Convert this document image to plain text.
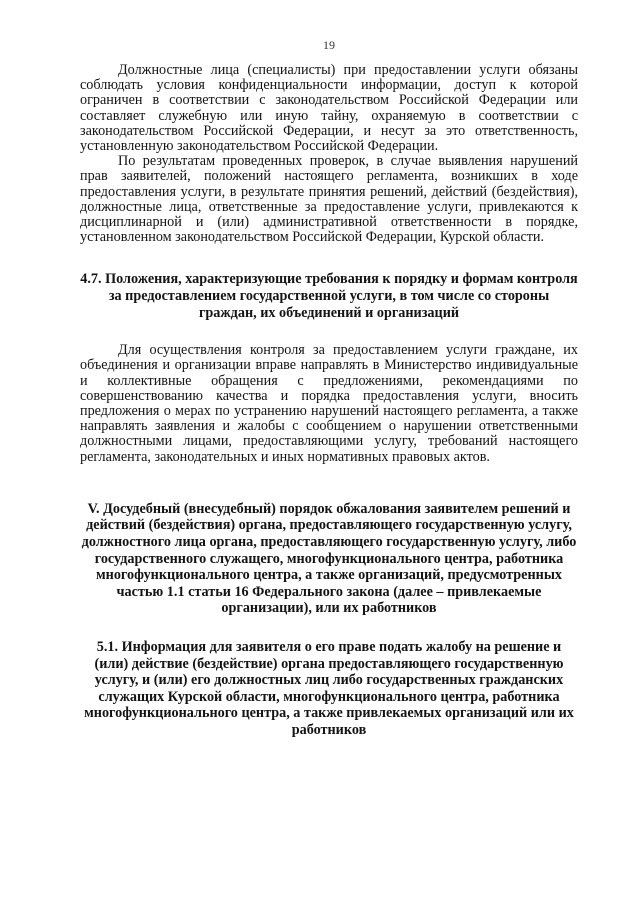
19

Должностные лица (специалисты) при предоставлении услуги обязаны соблюдать условия конфиденциальности информации, доступ к которой ограничен в соответствии с законодательством Российской Федерации или составляет служебную или иную тайну, охраняемую в соответствии с законодательством Российской Федерации, и несут за это ответственность, установленную законодательством Российской Федерации.

По результатам проведенных проверок, в случае выявления нарушений прав заявителей, положений настоящего регламента, возникших в ходе предоставления услуги, в результате принятия решений, действий (бездействия), должностные лица, ответственные за предоставление услуги, привлекаются к дисциплинарной и (или) административной ответственности в порядке, установленном законодательством Российской Федерации, Курской области.

4.7. Положения, характеризующие требования к порядку и формам контроля за предоставлением государственной услуги, в том числе со стороны граждан, их объединений и организаций

Для осуществления контроля за предоставлением услуги граждане, их объединения и организации вправе направлять в Министерство индивидуальные и коллективные обращения с предложениями, рекомендациями по совершенствованию качества и порядка предоставления услуги, вносить предложения о мерах по устранению нарушений настоящего регламента, а также направлять заявления и жалобы с сообщением о нарушении ответственными должностными лицами, предоставляющими услугу, требований настоящего регламента, законодательных и иных нормативных правовых актов.

V. Досудебный (внесудебный) порядок обжалования заявителем решений и действий (бездействия) органа, предоставляющего государственную услугу, должностного лица органа, предоставляющего государственную услугу, либо государственного служащего, многофункционального центра, работника многофункционального центра, а также организаций, предусмотренных частью 1.1 статьи 16 Федерального закона (далее – привлекаемые организации), или их работников

5.1. Информация для заявителя о его праве подать жалобу на решение и (или) действие (бездействие) органа предоставляющего государственную услугу, и (или) его должностных лиц либо государственных гражданских служащих Курской области, многофункционального центра, работника многофункционального центра, а также привлекаемых организаций или их работников
